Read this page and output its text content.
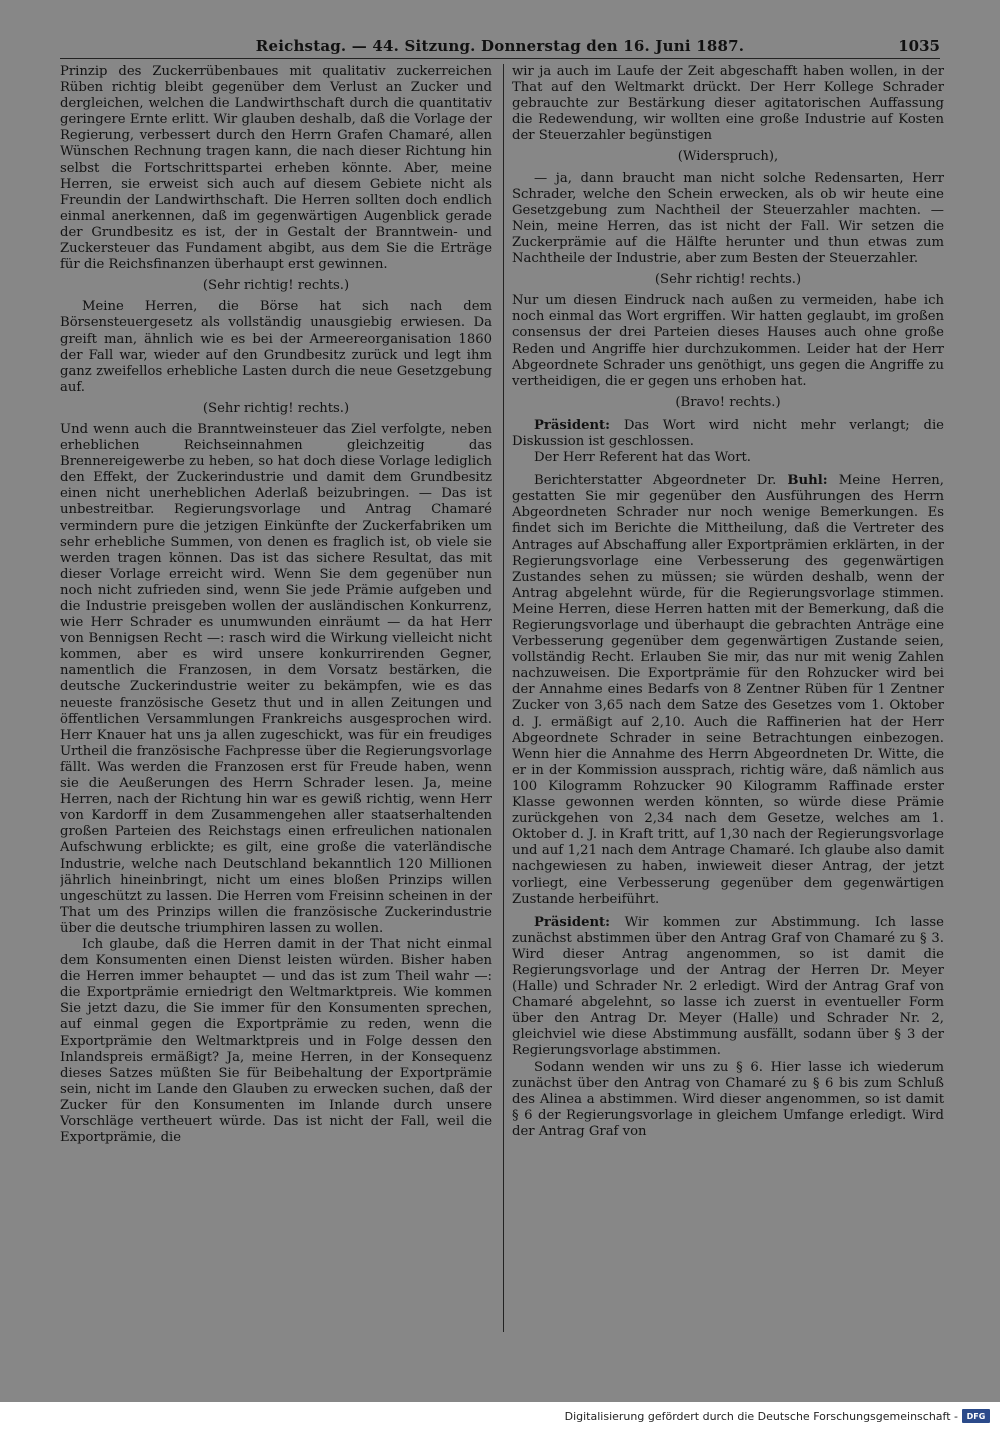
Reichstag. — 44. Sitzung. Donnerstag den 16. Juni 1887.	1035

Prinzip des Zuckerrübenbaues mit qualitativ zuckerreichen Rüben richtig bleibt gegenüber dem Verlust an Zucker und dergleichen, welchen die Landwirthschaft durch die quantitativ geringere Ernte erlitt. Wir glauben deshalb, daß die Vorlage der Regierung, verbessert durch den Herrn Grafen Chamaré, allen Wünschen Rechnung tragen kann, die nach dieser Richtung hin selbst die Fortschrittspartei erheben könnte. Aber, meine Herren, sie erweist sich auch auf diesem Gebiete nicht als Freundin der Landwirthschaft. Die Herren sollten doch endlich einmal anerkennen, daß im gegenwärtigen Augenblick gerade der Grundbesitz es ist, der in Gestalt der Branntwein- und Zuckersteuer das Fundament abgibt, aus dem Sie die Erträge für die Reichsfinanzen überhaupt erst gewinnen.

(Sehr richtig! rechts.)

Meine Herren, die Börse hat sich nach dem Börsensteuergesetz als vollständig unausgiebig erwiesen. Da greift man, ähnlich wie es bei der Armeereorganisation 1860 der Fall war, wieder auf den Grundbesitz zurück und legt ihm ganz zweifellos erhebliche Lasten durch die neue Gesetzgebung auf.

(Sehr richtig! rechts.)

Und wenn auch die Branntweinsteuer das Ziel verfolgte, neben erheblichen Reichseinnahmen gleichzeitig das Brennereigewerbe zu heben, so hat doch diese Vorlage lediglich den Effekt, der Zuckerindustrie und damit dem Grundbesitz einen nicht unerheblichen Aderlaß beizubringen. — Das ist unbestreitbar. Regierungsvorlage und Antrag Chamaré vermindern pure die jetzigen Einkünfte der Zuckerfabriken um sehr erhebliche Summen, von denen es fraglich ist, ob viele sie werden tragen können. Das ist das sichere Resultat, das mit dieser Vorlage erreicht wird. Wenn Sie dem gegenüber nun noch nicht zufrieden sind, wenn Sie jede Prämie aufgeben und die Industrie preisgeben wollen der ausländischen Konkurrenz, wie Herr Schrader es unumwunden einräumt — da hat Herr von Bennigsen Recht —: rasch wird die Wirkung vielleicht nicht kommen, aber es wird unsere konkurrirenden Gegner, namentlich die Franzosen, in dem Vorsatz bestärken, die deutsche Zuckerindustrie weiter zu bekämpfen, wie es das neueste französische Gesetz thut und in allen Zeitungen und öffentlichen Versammlungen Frankreichs ausgesprochen wird. Herr Knauer hat uns ja allen zugeschickt, was für ein freudiges Urtheil die französische Fachpresse über die Regierungsvorlage fällt. Was werden die Franzosen erst für Freude haben, wenn sie die Aeußerungen des Herrn Schrader lesen. Ja, meine Herren, nach der Richtung hin war es gewiß richtig, wenn Herr von Kardorff in dem Zusammengehen aller staatserhaltenden großen Parteien des Reichstags einen erfreulichen nationalen Aufschwung erblickte; es gilt, eine große die vaterländische Industrie, welche nach Deutschland bekanntlich 120 Millionen jährlich hineinbringt, nicht um eines bloßen Prinzips willen ungeschützt zu lassen. Die Herren vom Freisinn scheinen in der That um des Prinzips willen die französische Zuckerindustrie über die deutsche triumphiren lassen zu wollen.

Ich glaube, daß die Herren damit in der That nicht einmal dem Konsumenten einen Dienst leisten würden. Bisher haben die Herren immer behauptet — und das ist zum Theil wahr —: die Exportprämie erniedrigt den Weltmarktpreis. Wie kommen Sie jetzt dazu, die Sie immer für den Konsumenten sprechen, auf einmal gegen die Exportprämie zu reden, wenn die Exportprämie den Weltmarktpreis und in Folge dessen den Inlandspreis ermäßigt? Ja, meine Herren, in der Konsequenz dieses Satzes müßten Sie für Beibehaltung der Exportprämie sein, nicht im Lande den Glauben zu erwecken suchen, daß der Zucker für den Konsumenten im Inlande durch unsere Vorschläge vertheuert würde. Das ist nicht der Fall, weil die Exportprämie, die

wir ja auch im Laufe der Zeit abgeschafft haben wollen, in der That auf den Weltmarkt drückt. Der Herr Kollege Schrader gebrauchte zur Bestärkung dieser agitatorischen Auffassung die Redewendung, wir wollten eine große Industrie auf Kosten der Steuerzahler begünstigen

(Widerspruch),

— ja, dann braucht man nicht solche Redensarten, Herr Schrader, welche den Schein erwecken, als ob wir heute eine Gesetzgebung zum Nachtheil der Steuerzahler machten. — Nein, meine Herren, das ist nicht der Fall. Wir setzen die Zuckerprämie auf die Hälfte herunter und thun etwas zum Nachtheile der Industrie, aber zum Besten der Steuerzahler.

(Sehr richtig! rechts.)

Nur um diesen Eindruck nach außen zu vermeiden, habe ich noch einmal das Wort ergriffen. Wir hatten geglaubt, im großen consensus der drei Parteien dieses Hauses auch ohne große Reden und Angriffe hier durchzukommen. Leider hat der Herr Abgeordnete Schrader uns genöthigt, uns gegen die Angriffe zu vertheidigen, die er gegen uns erhoben hat.

(Bravo! rechts.)

Präsident: Das Wort wird nicht mehr verlangt; die Diskussion ist geschlossen.

Der Herr Referent hat das Wort.

Berichterstatter Abgeordneter Dr. Buhl: Meine Herren, gestatten Sie mir gegenüber den Ausführungen des Herrn Abgeordneten Schrader nur noch wenige Bemerkungen. Es findet sich im Berichte die Mittheilung, daß die Vertreter des Antrages auf Abschaffung aller Exportprämien erklärten, in der Regierungsvorlage eine Verbesserung des gegenwärtigen Zustandes sehen zu müssen; sie würden deshalb, wenn der Antrag abgelehnt würde, für die Regierungsvorlage stimmen. Meine Herren, diese Herren hatten mit der Bemerkung, daß die Regierungsvorlage und überhaupt die gebrachten Anträge eine Verbesserung gegenüber dem gegenwärtigen Zustande seien, vollständig Recht. Erlauben Sie mir, das nur mit wenig Zahlen nachzuweisen. Die Exportprämie für den Rohzucker wird bei der Annahme eines Bedarfs von 8 Zentner Rüben für 1 Zentner Zucker von 3,65 nach dem Satze des Gesetzes vom 1. Oktober d. J. ermäßigt auf 2,10. Auch die Raffinerien hat der Herr Abgeordnete Schrader in seine Betrachtungen einbezogen. Wenn hier die Annahme des Herrn Abgeordneten Dr. Witte, die er in der Kommission aussprach, richtig wäre, daß nämlich aus 100 Kilogramm Rohzucker 90 Kilogramm Raffinade erster Klasse gewonnen werden könnten, so würde diese Prämie zurückgehen von 2,34 nach dem Gesetze, welches am 1. Oktober d. J. in Kraft tritt, auf 1,30 nach der Regierungsvorlage und auf 1,21 nach dem Antrage Chamaré. Ich glaube also damit nachgewiesen zu haben, inwieweit dieser Antrag, der jetzt vorliegt, eine Verbesserung gegenüber dem gegenwärtigen Zustande herbeiführt.

Präsident: Wir kommen zur Abstimmung. Ich lasse zunächst abstimmen über den Antrag Graf von Chamaré zu § 3. Wird dieser Antrag angenommen, so ist damit die Regierungsvorlage und der Antrag der Herren Dr. Meyer (Halle) und Schrader Nr. 2 erledigt. Wird der Antrag Graf von Chamaré abgelehnt, so lasse ich zuerst in eventueller Form über den Antrag Dr. Meyer (Halle) und Schrader Nr. 2, gleichviel wie diese Abstimmung ausfällt, sodann über § 3 der Regierungsvorlage abstimmen.

Sodann wenden wir uns zu § 6. Hier lasse ich wiederum zunächst über den Antrag von Chamaré zu § 6 bis zum Schluß des Alinea a abstimmen. Wird dieser angenommen, so ist damit § 6 der Regierungsvorlage in gleichem Umfange erledigt. Wird der Antrag Graf von

Digitalisierung gefördert durch die Deutsche Forschungsgemeinschaft -	DFG
